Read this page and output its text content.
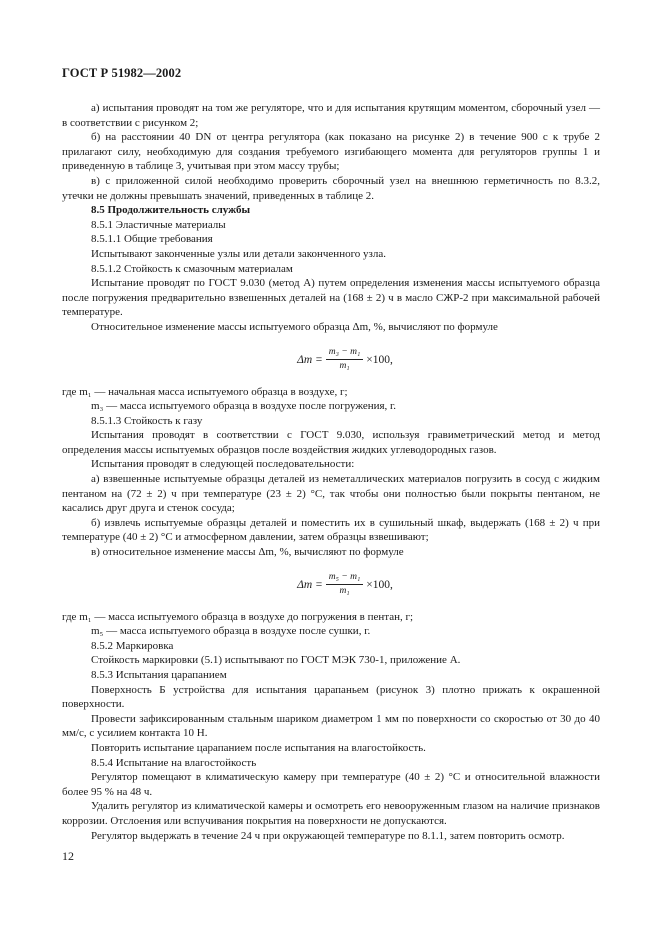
ГОСТ Р 51982—2002

а) испытания проводят на том же регуляторе, что и для испытания крутящим моментом, сборочный узел — в соответствии с рисунком 2;

б) на расстоянии 40 DN от центра регулятора (как показано на рисунке 2) в течение 900 с к трубе 2 прилагают силу, необходимую для создания требуемого изгибающего момента для регуляторов группы 1 и приведенную в таблице 3, учитывая при этом массу трубы;

в) с приложенной силой необходимо проверить сборочный узел на внешнюю герметичность по 8.3.2, утечки не должны превышать значений, приведенных в таблице 2.

8.5 Продолжительность службы

8.5.1 Эластичные материалы

8.5.1.1 Общие требования

Испытывают законченные узлы или детали законченного узла.

8.5.1.2 Стойкость к смазочным материалам

Испытание проводят по ГОСТ 9.030 (метод А) путем определения изменения массы испытуемого образца после погружения предварительно взвешенных деталей на (168 ± 2) ч в масло СЖР-2 при максимальной рабочей температуре.

Относительное изменение массы испытуемого образца Δm, %, вычисляют по формуле

$\Delta m = \frac{\text{m₃ − m₁}}{\text{m₁}} \times 100$,

где m₁ — начальная масса испытуемого образца в воздухе, г;

m₃ — масса испытуемого образца в воздухе после погружения, г.

8.5.1.3 Стойкость к газу

Испытания проводят в соответствии с ГОСТ 9.030, используя гравиметрический метод и метод определения массы испытуемых образцов после воздействия жидких углеводородных газов.

Испытания проводят в следующей последовательности:

а) взвешенные испытуемые образцы деталей из неметаллических материалов погрузить в сосуд с жидким пентаном на (72 ± 2) ч при температуре (23 ± 2) °С, так чтобы они полностью были покрыты пентаном, не касались друг друга и стенок сосуда;

б) извлечь испытуемые образцы деталей и поместить их в сушильный шкаф, выдержать (168 ± 2) ч при температуре (40 ± 2) °С и атмосферном давлении, затем образцы взвешивают;

в) относительное изменение массы Δm, %, вычисляют по формуле

$\Delta m = \frac{\text{m₅ − m₁}}{\text{m₁}} \times 100$,

где m₁ — масса испытуемого образца в воздухе до погружения в пентан, г;

m₅ — масса испытуемого образца в воздухе после сушки, г.

8.5.2 Маркировка

Стойкость маркировки (5.1) испытывают по ГОСТ МЭК 730-1, приложение А.

8.5.3 Испытания царапанием

Поверхность Б устройства для испытания царапаньем (рисунок 3) плотно прижать к окрашенной поверхности.

Провести зафиксированным стальным шариком диаметром 1 мм по поверхности со скоростью от 30 до 40 мм/с, с усилием контакта 10 Н.

Повторить испытание царапанием после испытания на влагостойкость.

8.5.4 Испытание на влагостойкость

Регулятор помещают в климатическую камеру при температуре (40 ± 2) °С и относительной влажности более 95 % на 48 ч.

Удалить регулятор из климатической камеры и осмотреть его невооруженным глазом на наличие признаков коррозии. Отслоения или вспучивания покрытия на поверхности не допускаются.

Регулятор выдержать в течение 24 ч при окружающей температуре по 8.1.1, затем повторить осмотр.

12
